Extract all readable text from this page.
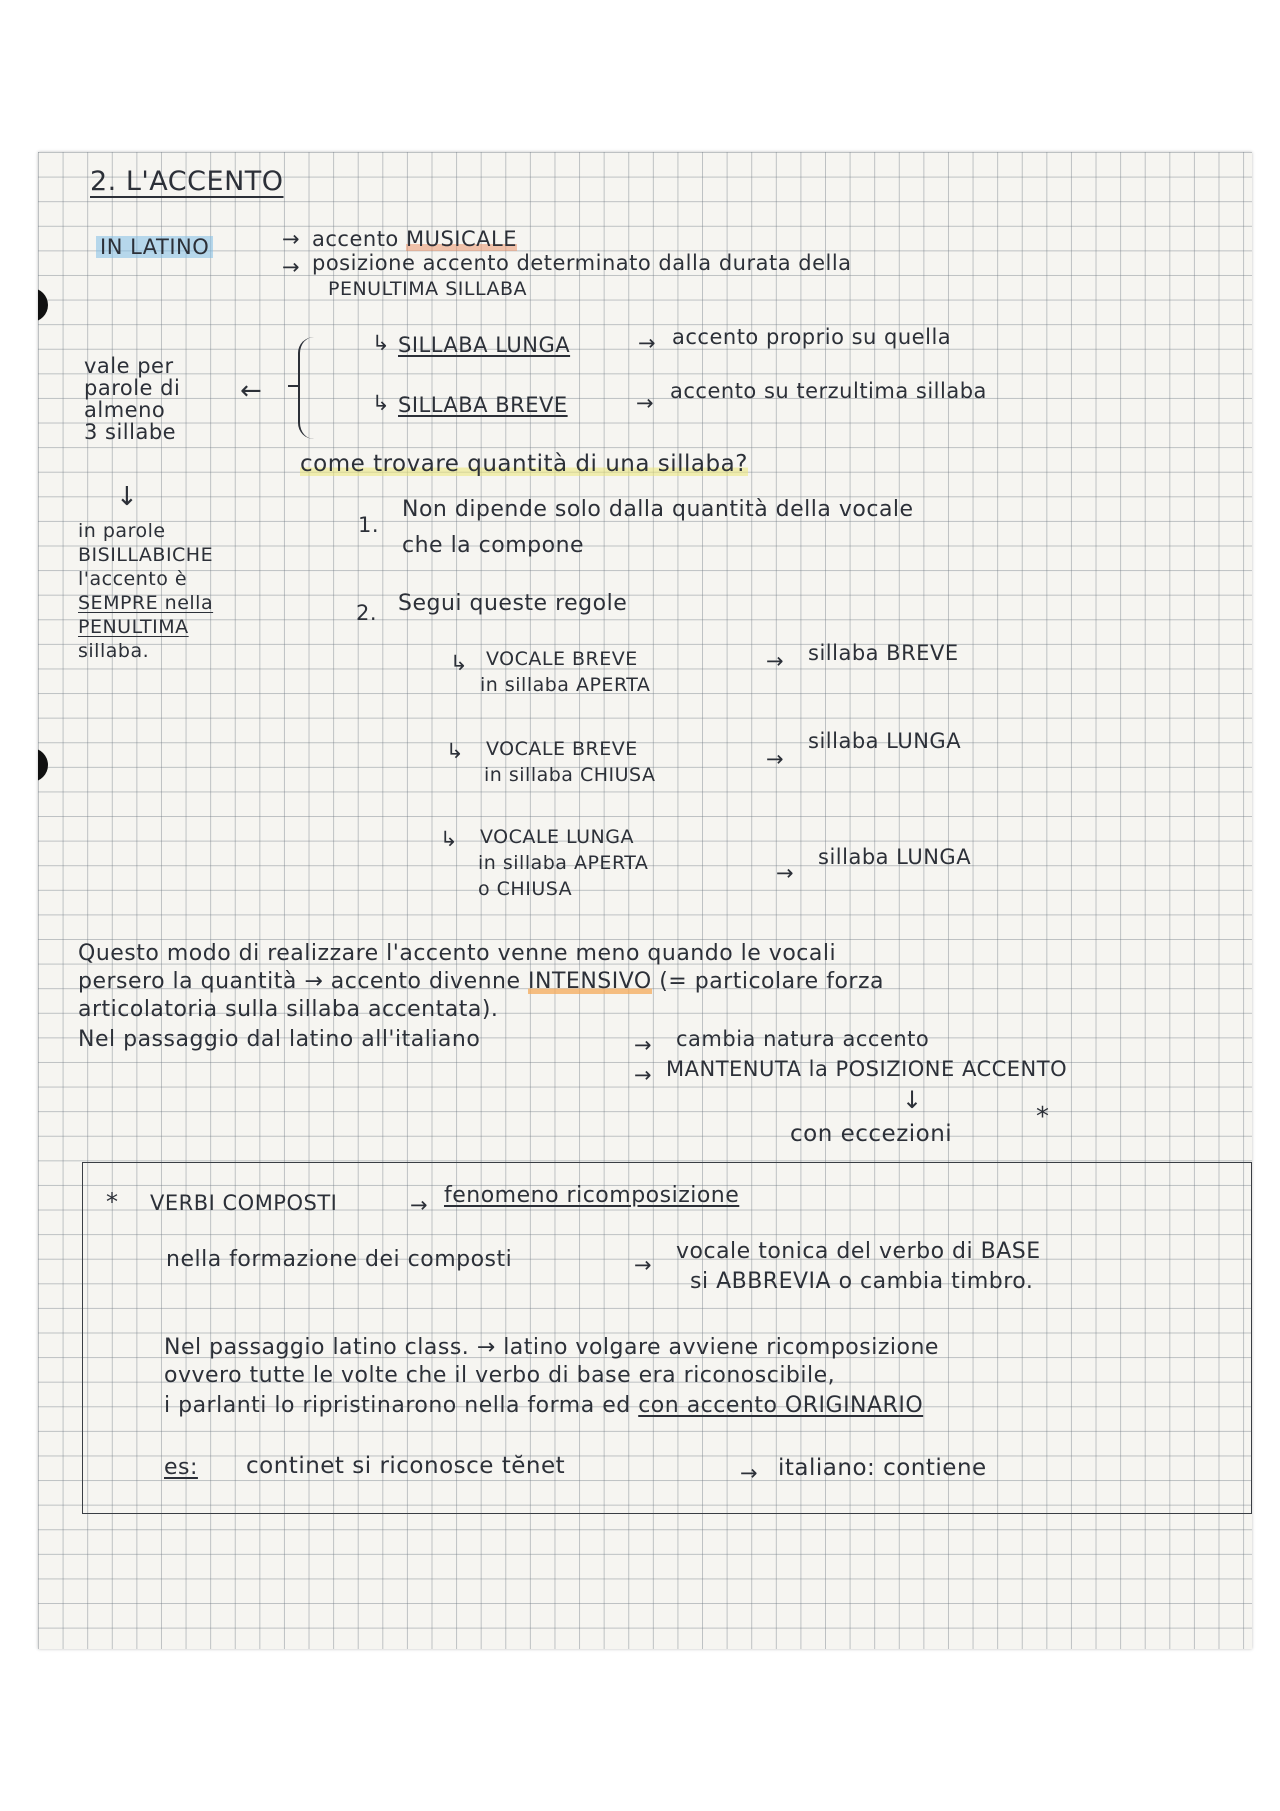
2. L'ACCENTO
IN LATINO	→ accento MUSICALE
→ posizione accento determinato dalla durata della
PENULTIMA SILLABA
vale per
parole di
almeno
3 sillabe
←
↓
↳ SILLABA LUNGA	→ accento proprio su quella
↳ SILLABA BREVE	→ accento su terzultima sillaba
come trovare quantità di una sillaba?
in parole
BISILLABICHE
l'accento è
SEMPRE nella
PENULTIMA
sillaba.
1.
Non dipende solo dalla quantità della vocale
che la compone
2. Segui queste regole
↳ VOCALE BREVE
in sillaba APERTA
→ sillaba BREVE
↳ VOCALE BREVE
in sillaba CHIUSA
→
sillaba LUNGA
↳ VOCALE LUNGA
in sillaba APERTA
o CHIUSA
→
sillaba LUNGA
Questo modo di realizzare l'accento venne meno quando le vocali
persero la quantità → accento divenne INTENSIVO (= particolare forza
articolatoria sulla sillaba accentata).
Nel passaggio dal latino all'italiano	→ cambia natura accento
→ MANTENUTA la POSIZIONE ACCENTO
↓
con eccezioni
*
* VERBI COMPOSTI	→ fenomeno ricomposizione
nella formazione dei composti	→
vocale tonica del verbo di BASE
si ABBREVIA o cambia timbro.
Nel passaggio latino class. → latino volgare avviene ricomposizione
ovvero tutte le volte che il verbo di base era riconoscibile,
i parlanti lo ripristinarono nella forma ed con accento ORIGINARIO
es: continet si riconosce tĕnet	→ italiano: contiene
